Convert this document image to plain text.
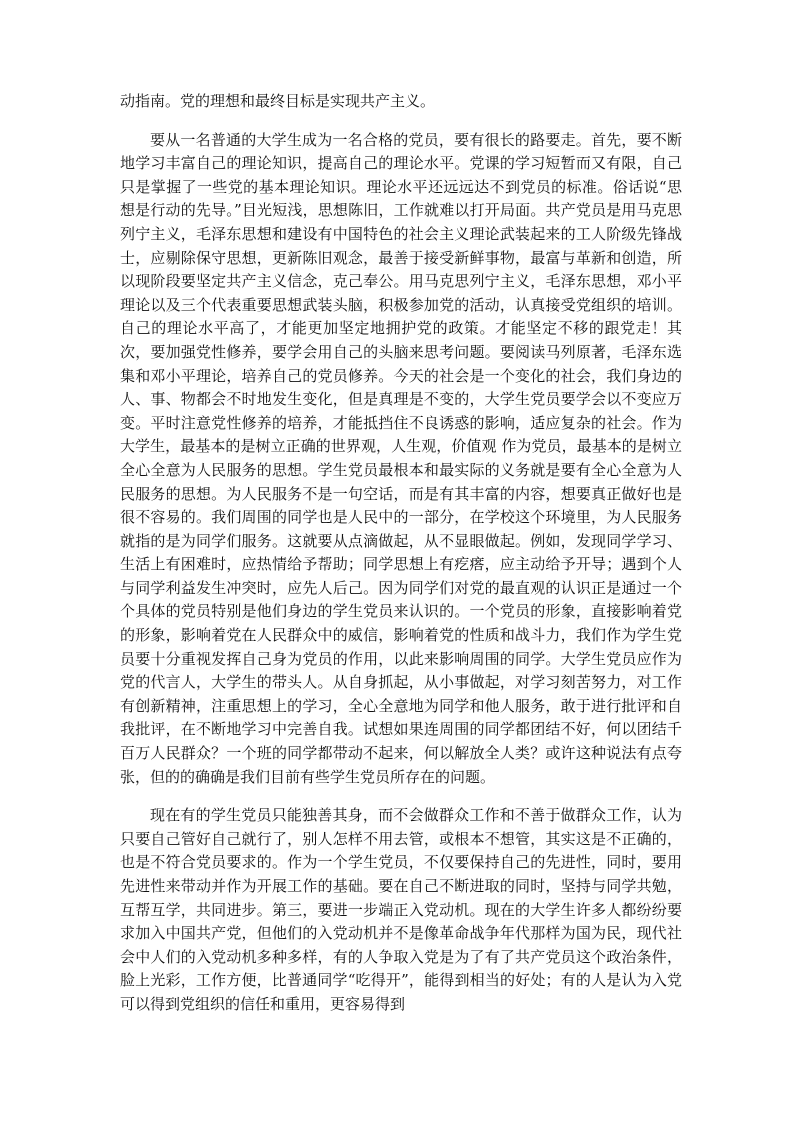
动指南。党的理想和最终目标是实现共产主义。

要从一名普通的大学生成为一名合格的党员，要有很长的路要走。首先，要不断地学习丰富自己的理论知识，提高自己的理论水平。党课的学习短暂而又有限，自己只是掌握了一些党的基本理论知识。理论水平还远远达不到党员的标准。俗话说“思想是行动的先导。”目光短浅，思想陈旧，工作就难以打开局面。共产党员是用马克思列宁主义，毛泽东思想和建设有中国特色的社会主义理论武装起来的工人阶级先锋战士，应剔除保守思想，更新陈旧观念，最善于接受新鲜事物，最富与革新和创造，所以现阶段要坚定共产主义信念，克己奉公。用马克思列宁主义，毛泽东思想，邓小平理论以及三个代表重要思想武装头脑，积极参加党的活动，认真接受党组织的培训。自己的理论水平高了，才能更加坚定地拥护党的政策。才能坚定不移的跟党走！其次，要加强党性修养，要学会用自己的头脑来思考问题。要阅读马列原著，毛泽东选集和邓小平理论，培养自己的党员修养。今天的社会是一个变化的社会，我们身边的人、事、物都会不时地发生变化，但是真理是不变的，大学生党员要学会以不变应万变。平时注意党性修养的培养，才能抵挡住不良诱惑的影响，适应复杂的社会。作为大学生，最基本的是树立正确的世界观，人生观，价值观 作为党员，最基本的是树立全心全意为人民服务的思想。学生党员最根本和最实际的义务就是要有全心全意为人民服务的思想。为人民服务不是一句空话，而是有其丰富的内容，想要真正做好也是很不容易的。我们周围的同学也是人民中的一部分，在学校这个环境里，为人民服务就指的是为同学们服务。这就要从点滴做起，从不显眼做起。例如，发现同学学习、生活上有困难时，应热情给予帮助；同学思想上有疙瘩，应主动给予开导；遇到个人与同学利益发生冲突时，应先人后己。因为同学们对党的最直观的认识正是通过一个个具体的党员特别是他们身边的学生党员来认识的。一个党员的形象，直接影响着党的形象，影响着党在人民群众中的威信，影响着党的性质和战斗力，我们作为学生党员要十分重视发挥自己身为党员的作用，以此来影响周围的同学。大学生党员应作为党的代言人，大学生的带头人。从自身抓起，从小事做起，对学习刻苦努力，对工作有创新精神，注重思想上的学习，全心全意地为同学和他人服务，敢于进行批评和自我批评，在不断地学习中完善自我。试想如果连周围的同学都团结不好，何以团结千百万人民群众？一个班的同学都带动不起来，何以解放全人类？或许这种说法有点夸张，但的的确确是我们目前有些学生党员所存在的问题。

现在有的学生党员只能独善其身，而不会做群众工作和不善于做群众工作，认为只要自己管好自己就行了，别人怎样不用去管，或根本不想管，其实这是不正确的，也是不符合党员要求的。作为一个学生党员，不仅要保持自己的先进性，同时，要用先进性来带动并作为开展工作的基础。要在自己不断进取的同时，坚持与同学共勉，互帮互学，共同进步。第三，要进一步端正入党动机。现在的大学生许多人都纷纷要求加入中国共产党，但他们的入党动机并不是像革命战争年代那样为国为民，现代社会中人们的入党动机多种多样，有的人争取入党是为了有了共产党员这个政治条件，脸上光彩，工作方便，比普通同学“吃得开”，能得到相当的好处；有的人是认为入党可以得到党组织的信任和重用，更容易得到
